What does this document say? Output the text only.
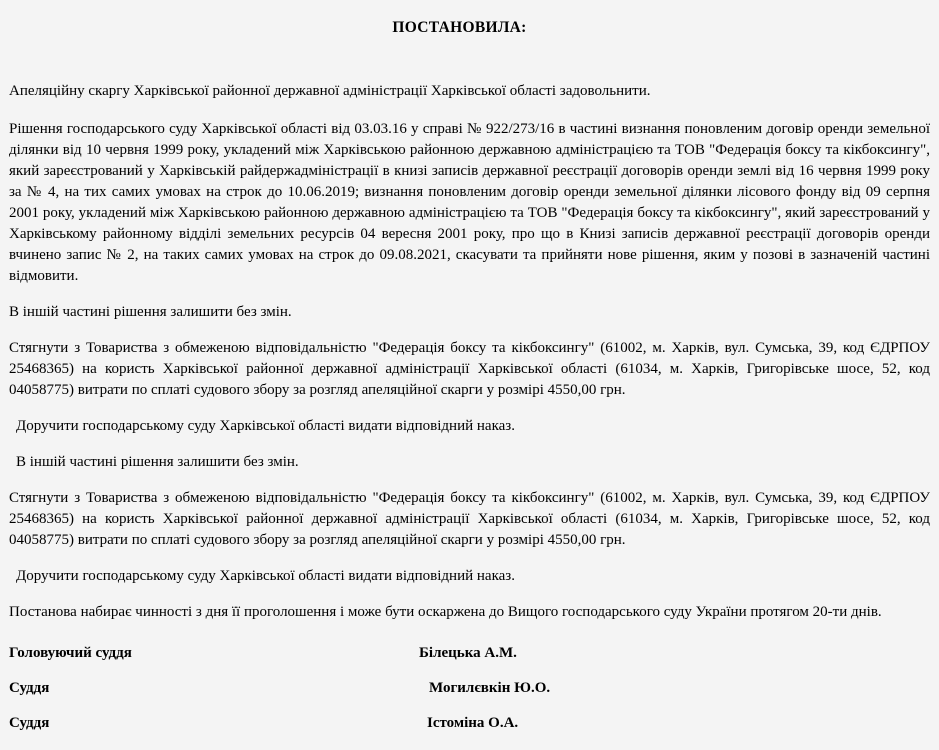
ПОСТАНОВИЛА:

Апеляційну скаргу Харківської районної державної адміністрації Харківської області задовольнити.

Рішення господарського суду Харківської області від 03.03.16 у справі № 922/273/16 в частині визнання поновленим договір оренди земельної ділянки від 10 червня 1999 року, укладений між Харківською районною державною адміністрацією та ТОВ "Федерація боксу та кікбоксингу", який зареєстрований у Харківській райдержадміністрації в книзі записів державної реєстрації договорів оренди землі від 16 червня 1999 року за № 4, на тих самих умовах на строк до 10.06.2019; визнання поновленим договір оренди земельної ділянки лісового фонду від 09 серпня 2001 року, укладений між Харківською районною державною адміністрацією та ТОВ "Федерація боксу та кікбоксингу", який зареєстрований у Харківському районному відділі земельних ресурсів 04 вересня 2001 року, про що в Книзі записів державної реєстрації договорів оренди вчинено запис № 2, на таких самих умовах на строк до 09.08.2021, скасувати та прийняти нове рішення, яким у позові в зазначеній частині відмовити.

В іншій частині рішення залишити без змін.

Стягнути з Товариства з обмеженою відповідальністю "Федерація боксу та кікбоксингу" (61002, м. Харків, вул. Сумська, 39, код ЄДРПОУ 25468365) на користь Харківської районної державної адміністрації Харківської області (61034, м. Харків, Григорівське шосе, 52, код 04058775) витрати по сплаті судового збору за розгляд апеляційної скарги у розмірі 4550,00 грн.

Доручити господарському суду Харківської області видати відповідний наказ.

В іншій частині рішення залишити без змін.

Стягнути з Товариства з обмеженою відповідальністю "Федерація боксу та кікбоксингу" (61002, м. Харків, вул. Сумська, 39, код ЄДРПОУ 25468365) на користь Харківської районної державної адміністрації Харківської області (61034, м. Харків, Григорівське шосе, 52, код 04058775) витрати по сплаті судового збору за розгляд апеляційної скарги у розмірі 4550,00 грн.

Доручити господарському суду Харківської області видати відповідний наказ.

Постанова набирає чинності з дня її проголошення і може бути оскаржена до Вищого господарського суду України протягом 20-ти днів.

Головуючий суддя	Білецька А.М.
Суддя	Могилєвкін Ю.О.
Суддя	Істоміна О.А.
